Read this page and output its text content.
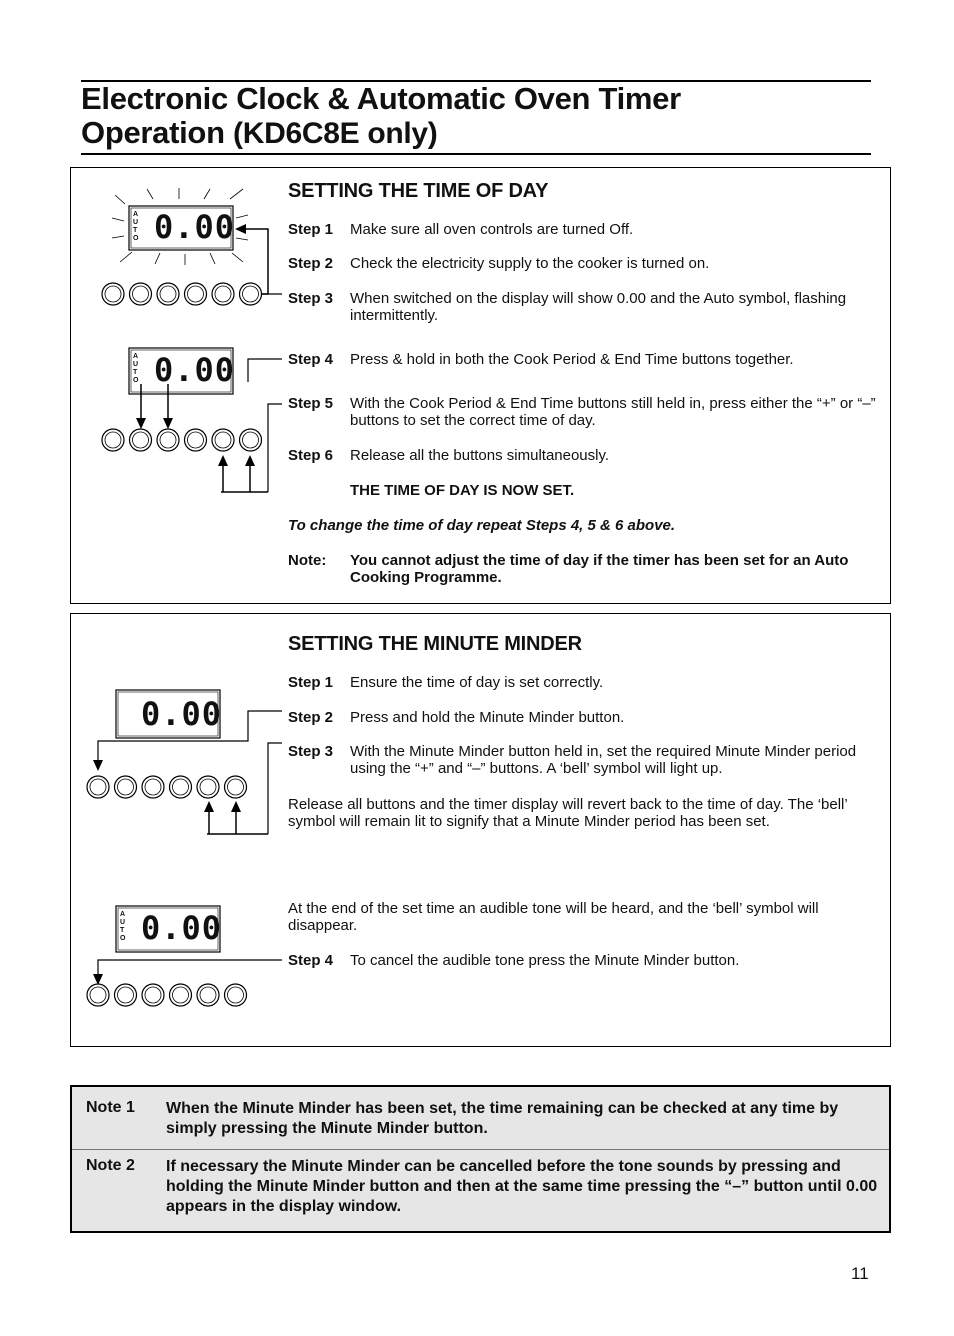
Electronic Clock & Automatic Oven Timer
Operation (KD6C8E only)
A
U
T
O 0.00
A
U
T
O 0.00
0.00
A
U
T
O 0.00
SETTING THE TIME OF DAY
Step 1 Make sure all oven controls are turned Off.
Step 2 Check the electricity supply to the cooker is turned on.
Step 3 When switched on the display will show 0.00 and the Auto symbol, flashing intermittently.
Step 4 Press & hold in both the Cook Period & End Time buttons together.
Step 5 With the Cook Period & End Time buttons still held in, press either the “+” or “–” buttons to set the correct time of day.
Step 6 Release all the buttons simultaneously.
THE TIME OF DAY IS NOW SET.
To change the time of day repeat Steps 4, 5 & 6 above.
Note: You cannot adjust the time of day if the timer has been set for an Auto Cooking Programme.
SETTING THE MINUTE MINDER
Step 1 Ensure the time of day is set correctly.
Step 2 Press and hold the Minute Minder button.
Step 3 With the Minute Minder button held in, set the required Minute Minder period using the “+” and “–” buttons. A ‘bell’ symbol will light up.
Release all buttons and the timer display will revert back to the time of day. The ‘bell’ symbol will remain lit to signify that a Minute Minder period has been set.
At the end of the set time an audible tone will be heard, and the ‘bell’ symbol will disappear.
Step 4 To cancel the audible tone press the Minute Minder button.
Note 1 When the Minute Minder has been set, the time remaining can be checked at any time by simply pressing the Minute Minder button.
Note 2 If necessary the Minute Minder can be cancelled before the tone sounds by pressing and holding the Minute Minder button and then at the same time pressing the “–” button until 0.00 appears in the display window.
11
